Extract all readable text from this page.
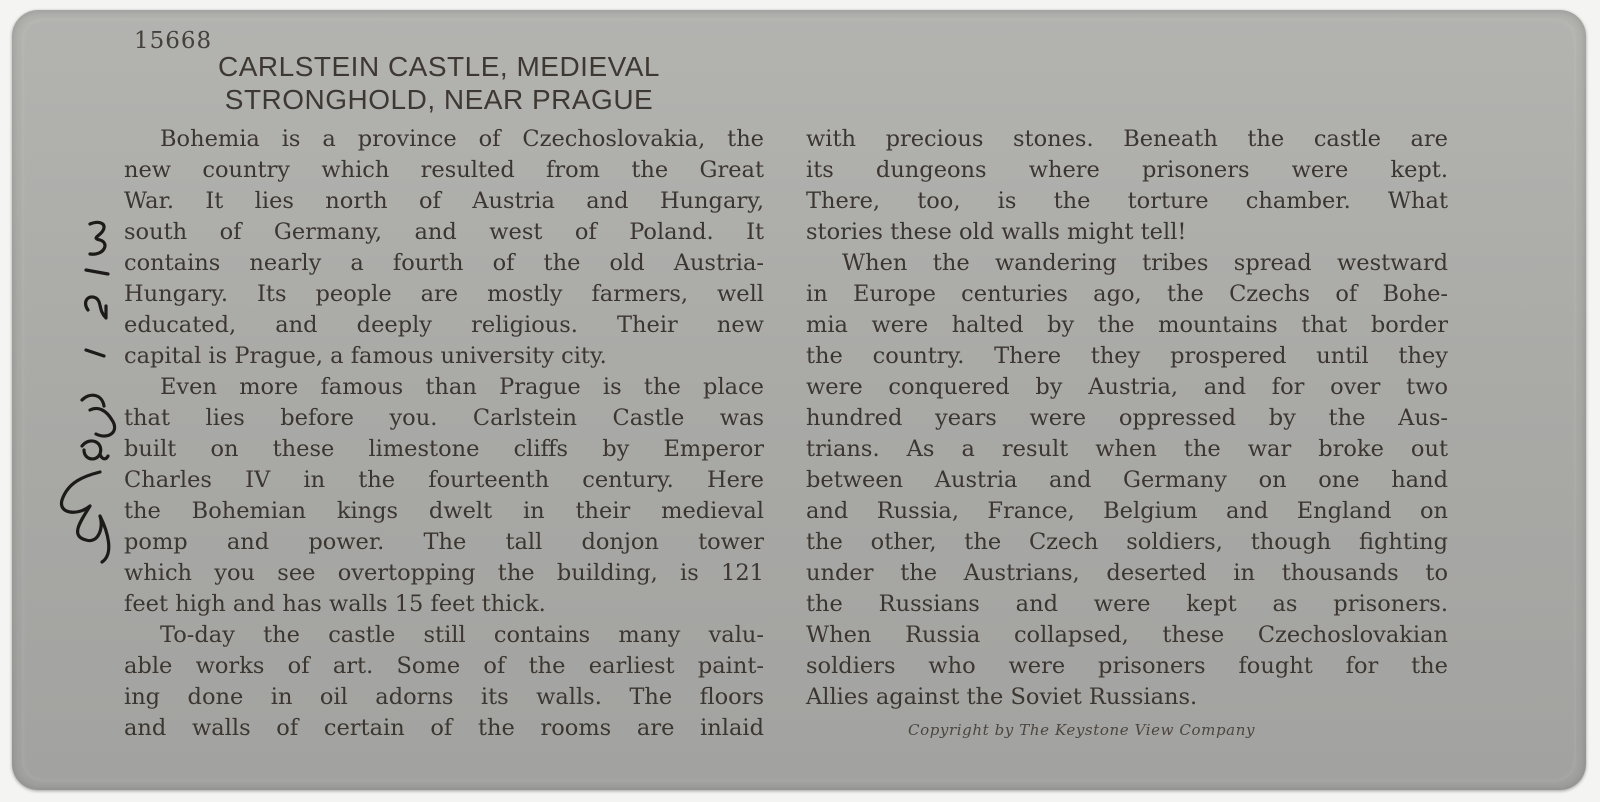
15668
CARLSTEIN CASTLE, MEDIEVAL
STRONGHOLD, NEAR PRAGUE

Bohemia is a province of Czechoslovakia, the
new country which resulted from the Great
War. It lies north of Austria and Hungary,
south of Germany, and west of Poland. It
contains nearly a fourth of the old Austria-
Hungary. Its people are mostly farmers, well
educated, and deeply religious. Their new
capital is Prague, a famous university city.

Even more famous than Prague is the place
that lies before you. Carlstein Castle was
built on these limestone cliffs by Emperor
Charles IV in the fourteenth century. Here
the Bohemian kings dwelt in their medieval
pomp and power. The tall donjon tower
which you see overtopping the building, is 121
feet high and has walls 15 feet thick.

To-day the castle still contains many valu-
able works of art. Some of the earliest paint-
ing done in oil adorns its walls. The floors
and walls of certain of the rooms are inlaid

with precious stones. Beneath the castle are
its dungeons where prisoners were kept.
There, too, is the torture chamber. What
stories these old walls might tell!

When the wandering tribes spread westward
in Europe centuries ago, the Czechs of Bohe-
mia were halted by the mountains that border
the country. There they prospered until they
were conquered by Austria, and for over two
hundred years were oppressed by the Aus-
trians. As a result when the war broke out
between Austria and Germany on one hand
and Russia, France, Belgium and England on
the other, the Czech soldiers, though fighting
under the Austrians, deserted in thousands to
the Russians and were kept as prisoners.
When Russia collapsed, these Czechoslovakian
soldiers who were prisoners fought for the
Allies against the Soviet Russians.

Copyright by The Keystone View Company
